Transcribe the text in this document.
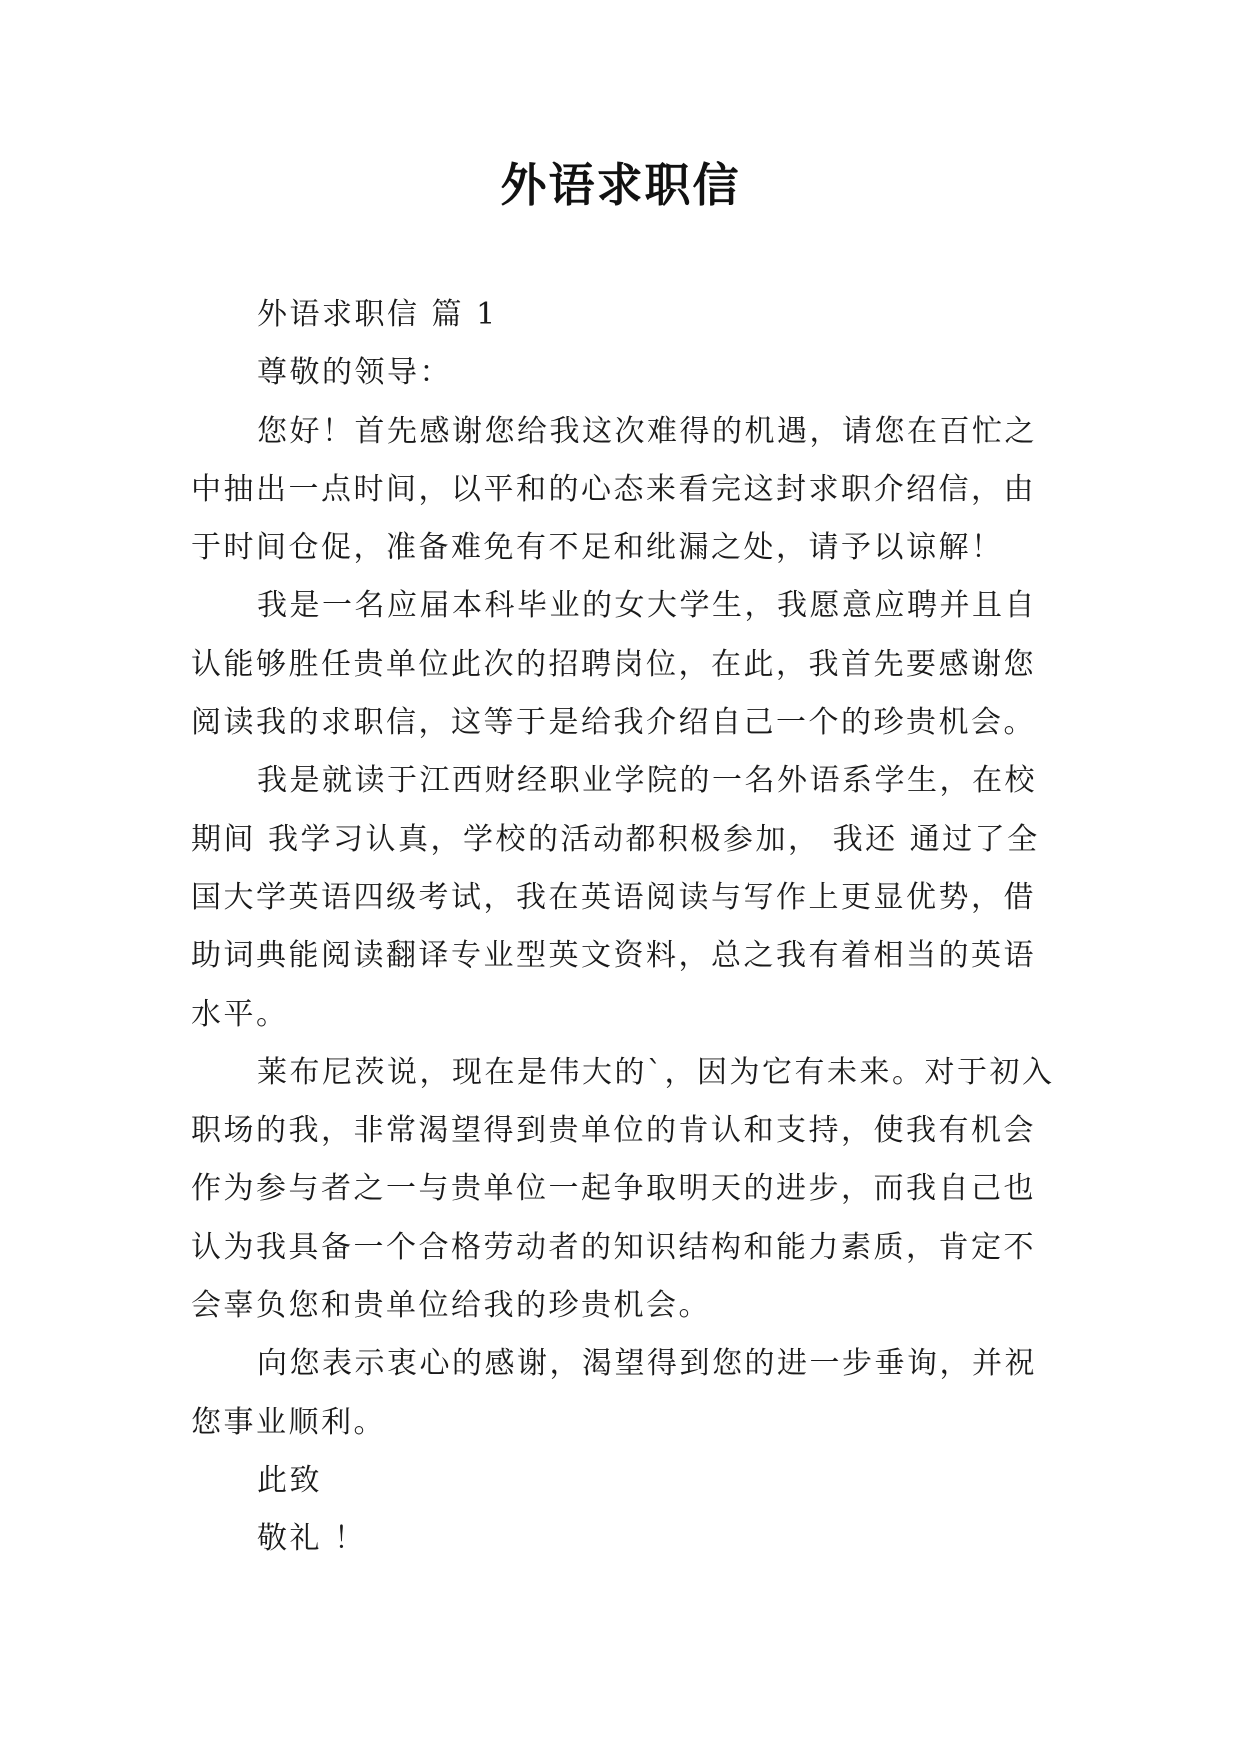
外语求职信

外语求职信 篇 1

尊敬的领导：

您好！首先感谢您给我这次难得的机遇，请您在百忙之中抽出一点时间，以平和的心态来看完这封求职介绍信，由于时间仓促，准备难免有不足和纰漏之处，请予以谅解！

我是一名应届本科毕业的女大学生，我愿意应聘并且自认能够胜任贵单位此次的招聘岗位，在此，我首先要感谢您阅读我的求职信，这等于是给我介绍自己一个的珍贵机会。

我是就读于江西财经职业学院的一名外语系学生，在校期间 我学习认真，学校的活动都积极参加， 我还 通过了全国大学英语四级考试，我在英语阅读与写作上更显优势，借助词典能阅读翻译专业型英文资料，总之我有着相当的英语水平。

莱布尼茨说，现在是伟大的`，因为它有未来。对于初入职场的我，非常渴望得到贵单位的肯认和支持，使我有机会作为参与者之一与贵单位一起争取明天的进步，而我自己也认为我具备一个合格劳动者的知识结构和能力素质，肯定不会辜负您和贵单位给我的珍贵机会。

向您表示衷心的感谢，渴望得到您的进一步垂询，并祝您事业顺利。

此致

敬礼 ！
